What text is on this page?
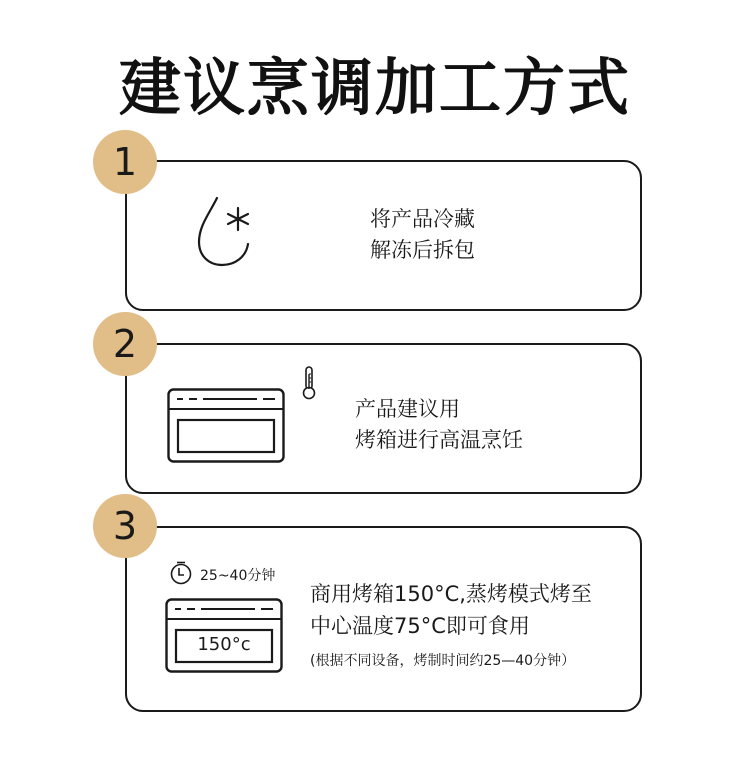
建议烹调加工方式
1
将产品冷藏
解冻后拆包
2
产品建议用
烤箱进行高温烹饪
3
25~40分钟
150°c
商用烤箱150°C,蒸烤模式烤至
中心温度75°C即可食用
(根据不同设备，烤制时间约25—40分钟）
